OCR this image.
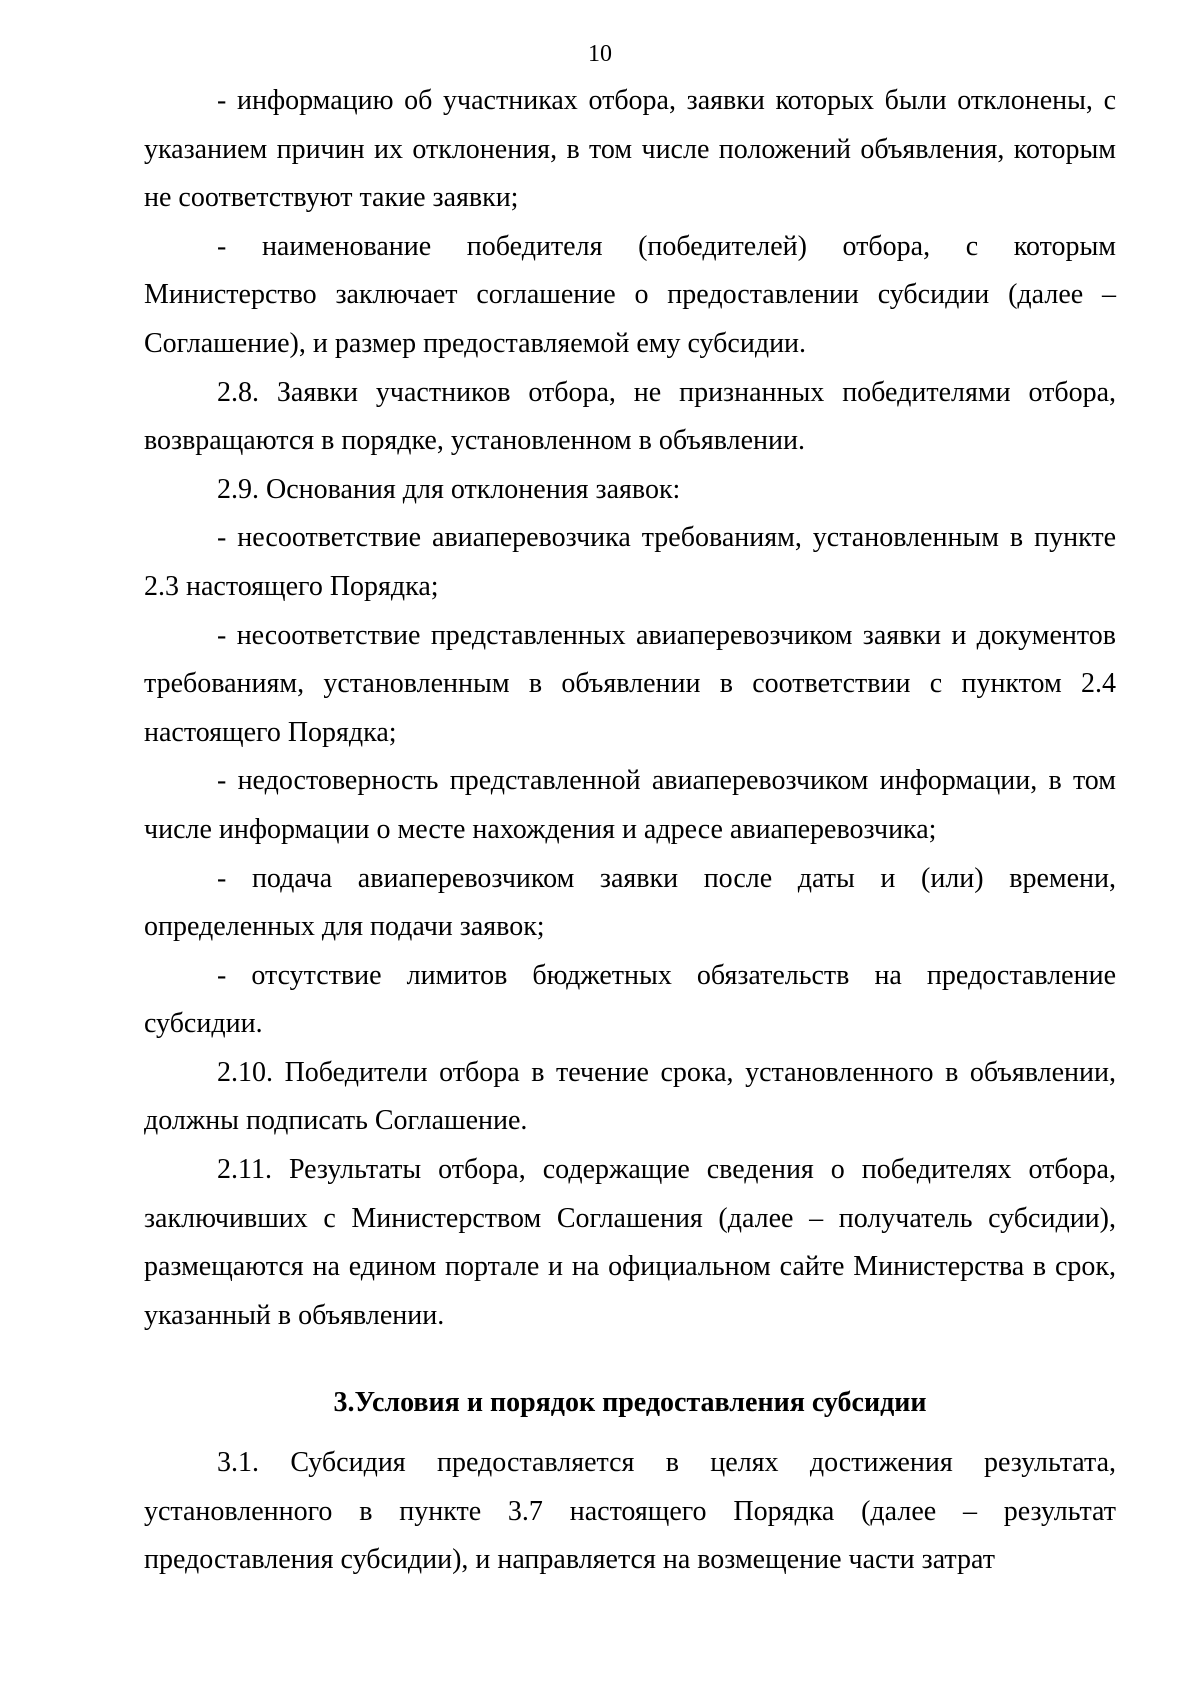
10

- информацию об участниках отбора, заявки которых были отклонены, с указанием причин их отклонения, в том числе положений объявления, которым не соответствуют такие заявки;

- наименование победителя (победителей) отбора, с которым Министерство заключает соглашение о предоставлении субсидии (далее – Соглашение), и размер предоставляемой ему субсидии.

2.8. Заявки участников отбора, не признанных победителями отбора, возвращаются в порядке, установленном в объявлении.

2.9. Основания для отклонения заявок:

- несоответствие авиаперевозчика требованиям, установленным в пункте 2.3 настоящего Порядка;

- несоответствие представленных авиаперевозчиком заявки и документов требованиям, установленным в объявлении в соответствии с пунктом 2.4 настоящего Порядка;

- недостоверность представленной авиаперевозчиком информации, в том числе информации о месте нахождения и адресе авиаперевозчика;

- подача авиаперевозчиком заявки после даты и (или) времени, определенных для подачи заявок;

- отсутствие лимитов бюджетных обязательств на предоставление субсидии.

2.10. Победители отбора в течение срока, установленного в объявлении, должны подписать Соглашение.

2.11. Результаты отбора, содержащие сведения о победителях отбора, заключивших с Министерством Соглашения (далее – получатель субсидии), размещаются на едином портале и на официальном сайте Министерства в срок, указанный в объявлении.

3.Условия и порядок предоставления субсидии

3.1. Субсидия предоставляется в целях достижения результата, установленного в пункте 3.7 настоящего Порядка (далее – результат предоставления субсидии), и направляется на возмещение части затрат
